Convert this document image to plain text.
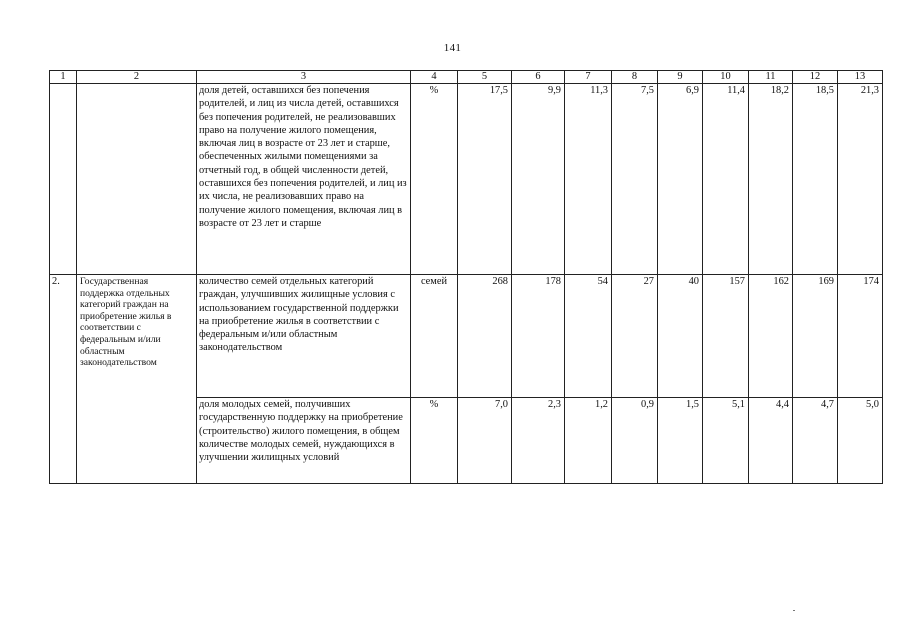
141
1	2	3	4	5	6	7	8	9	10	11	12	13
		доля детей, оставшихся без попечения родителей, и лиц из числа детей, оставшихся без попечения родителей, не реализовавших право на получение жилого помещения, включая лиц в возрасте от 23 лет и старше, обеспеченных жилыми помещениями за отчетный год, в общей численности детей, оставшихся без попечения родителей, и лиц из их числа, не реализовавших право на получение жилого помещения, включая лиц в возрасте от 23 лет и старше	%	17,5	9,9	11,3	7,5	6,9	11,4	18,2	18,5	21,3
2.	Государственная поддержка отдельных категорий граждан на приобретение жилья в соответствии с федеральным и/или областным законодательством	количество семей отдельных категорий граждан, улучшивших жилищные условия с использованием государственной поддержки на приобретение жилья в соответствии с федеральным и/или областным законодательством	семей	268	178	54	27	40	157	162	169	174
		доля молодых семей, получивших государственную поддержку на приобретение (строительство) жилого помещения, в общем количестве молодых семей, нуждающихся в улучшении жилищных условий	%	7,0	2,3	1,2	0,9	1,5	5,1	4,4	4,7	5,0
